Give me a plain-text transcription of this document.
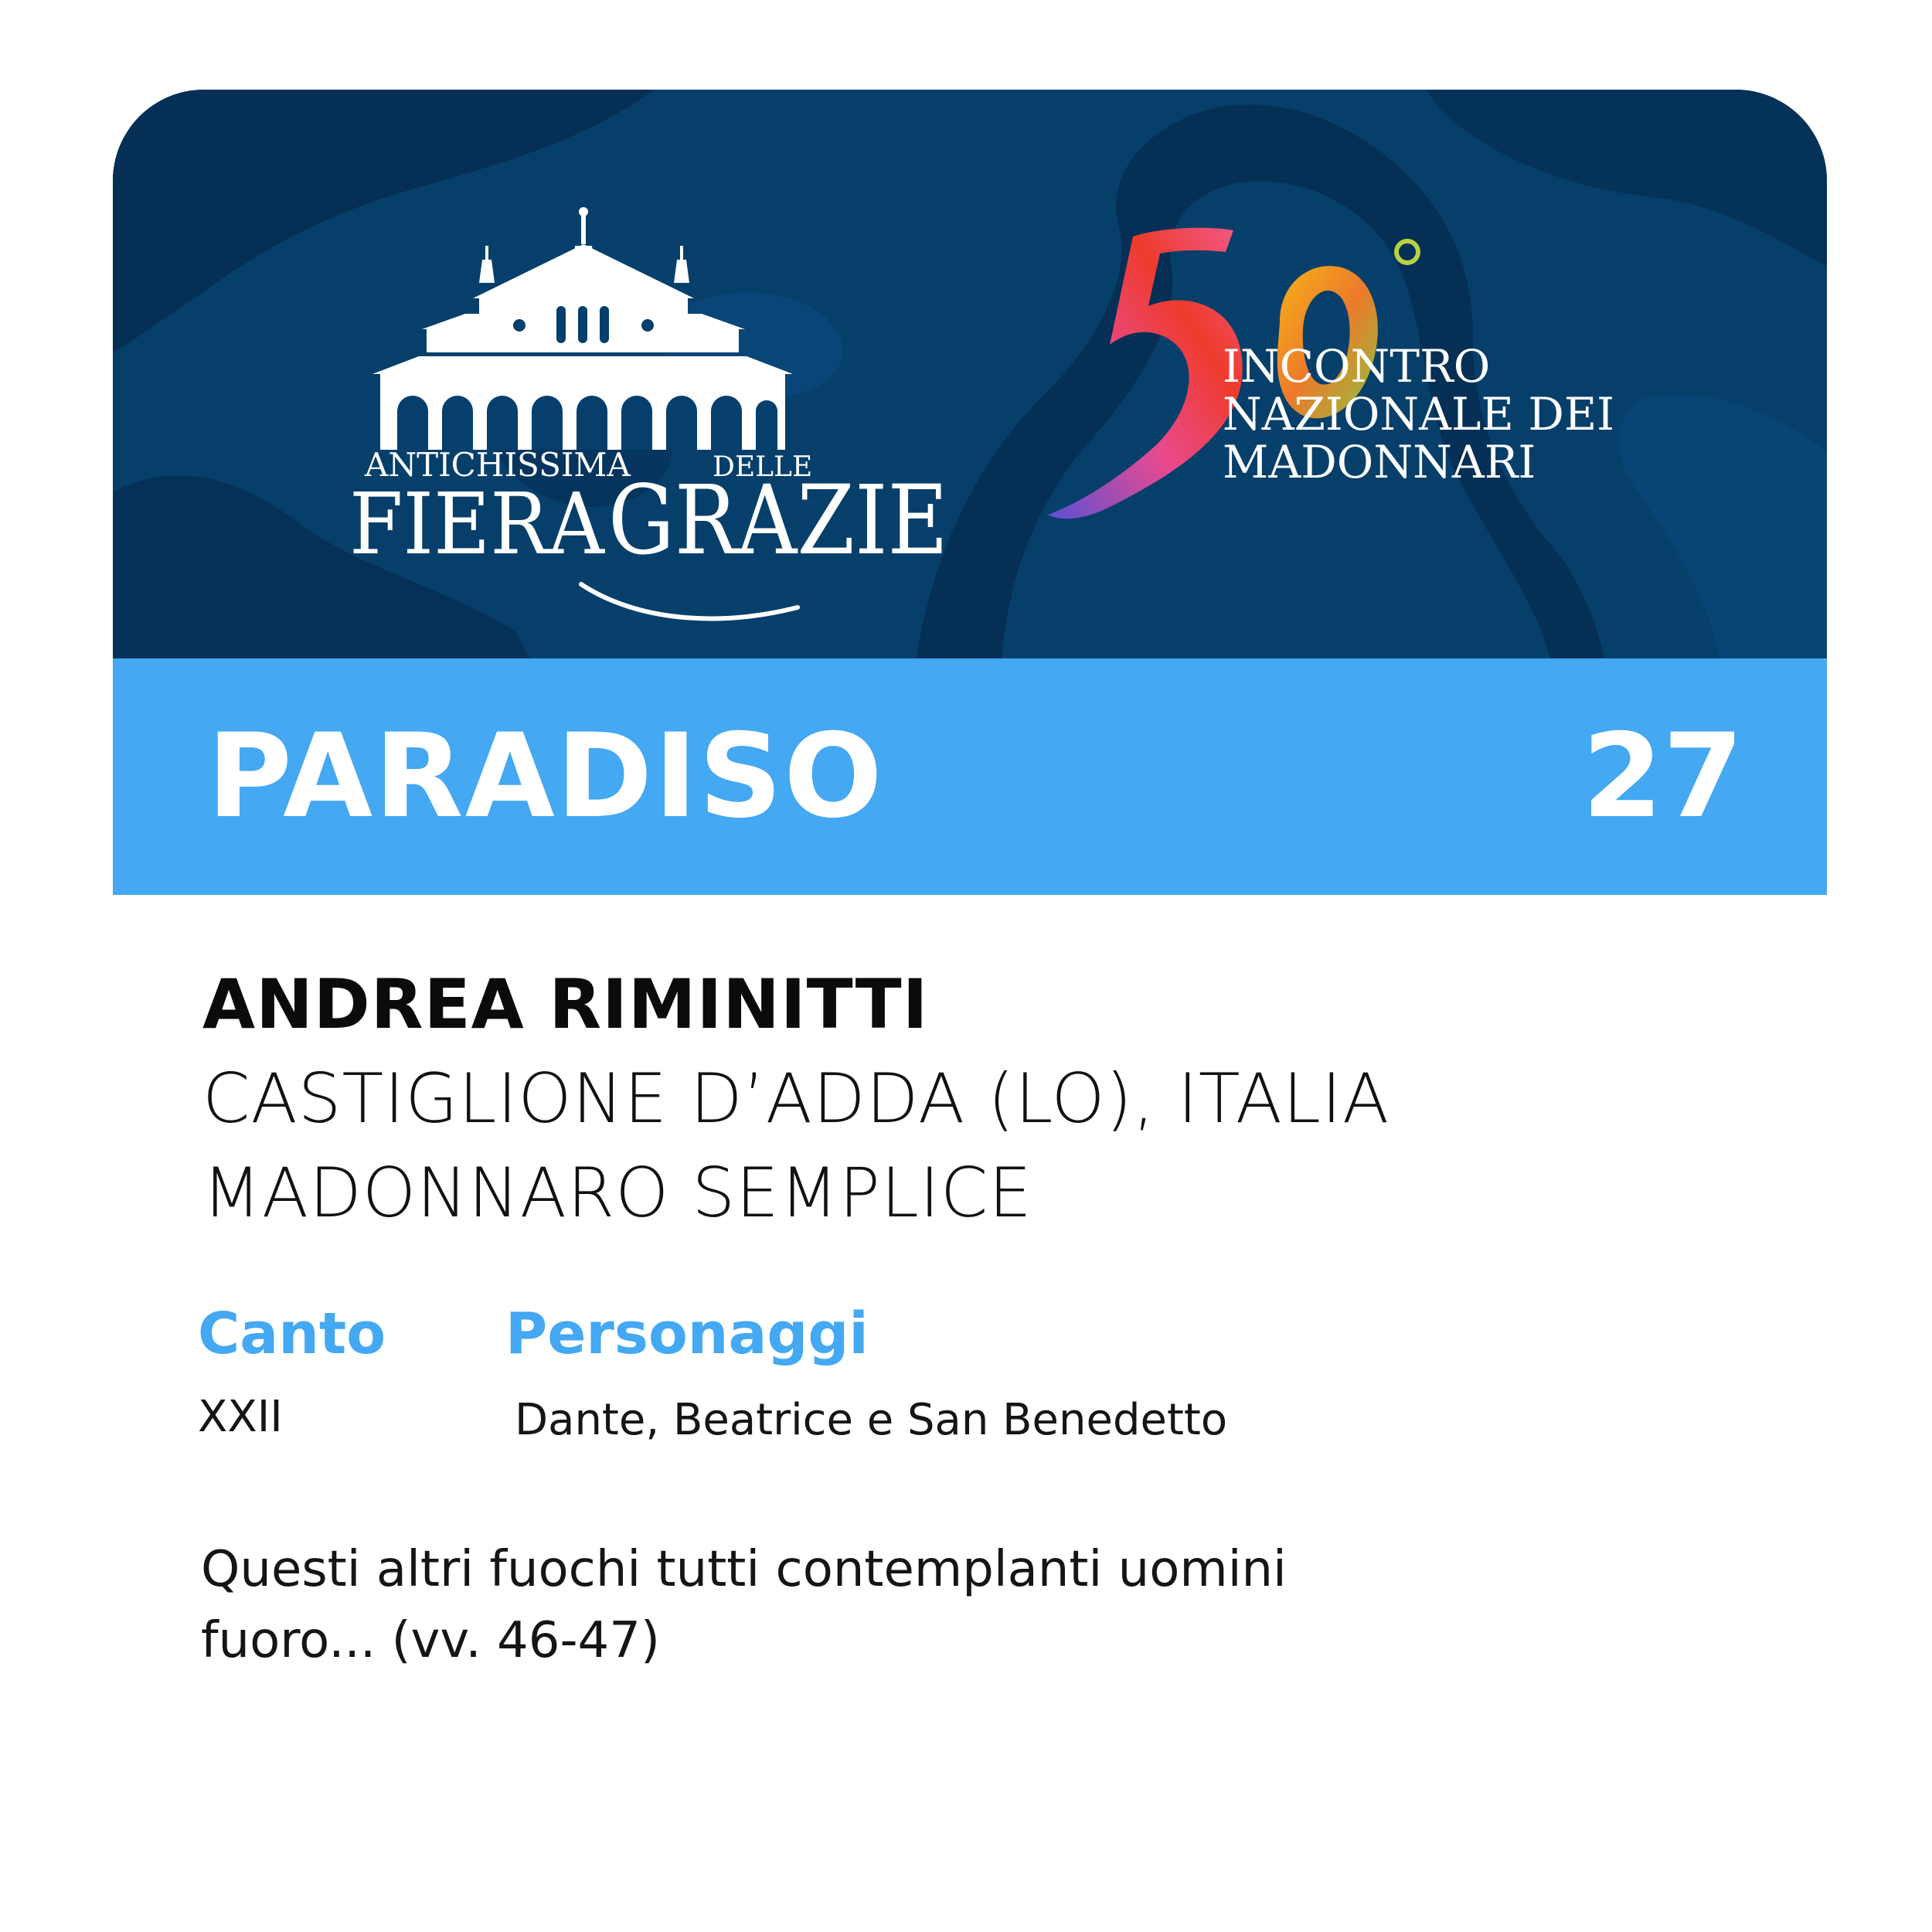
ANTICHISSIMA	DELLE
FIERA GRAZIE
INCONTRO
NAZIONALE DEI
MADONNARI
PARADISO	27
ANDREA RIMINITTI
CASTIGLIONE D’ADDA (LO), ITALIA
MADONNARO SEMPLICE
Canto Personaggi
XXII	Dante, Beatrice e San Benedetto
Questi altri fuochi tutti contemplanti uomini
fuoro... (vv. 46-47)
